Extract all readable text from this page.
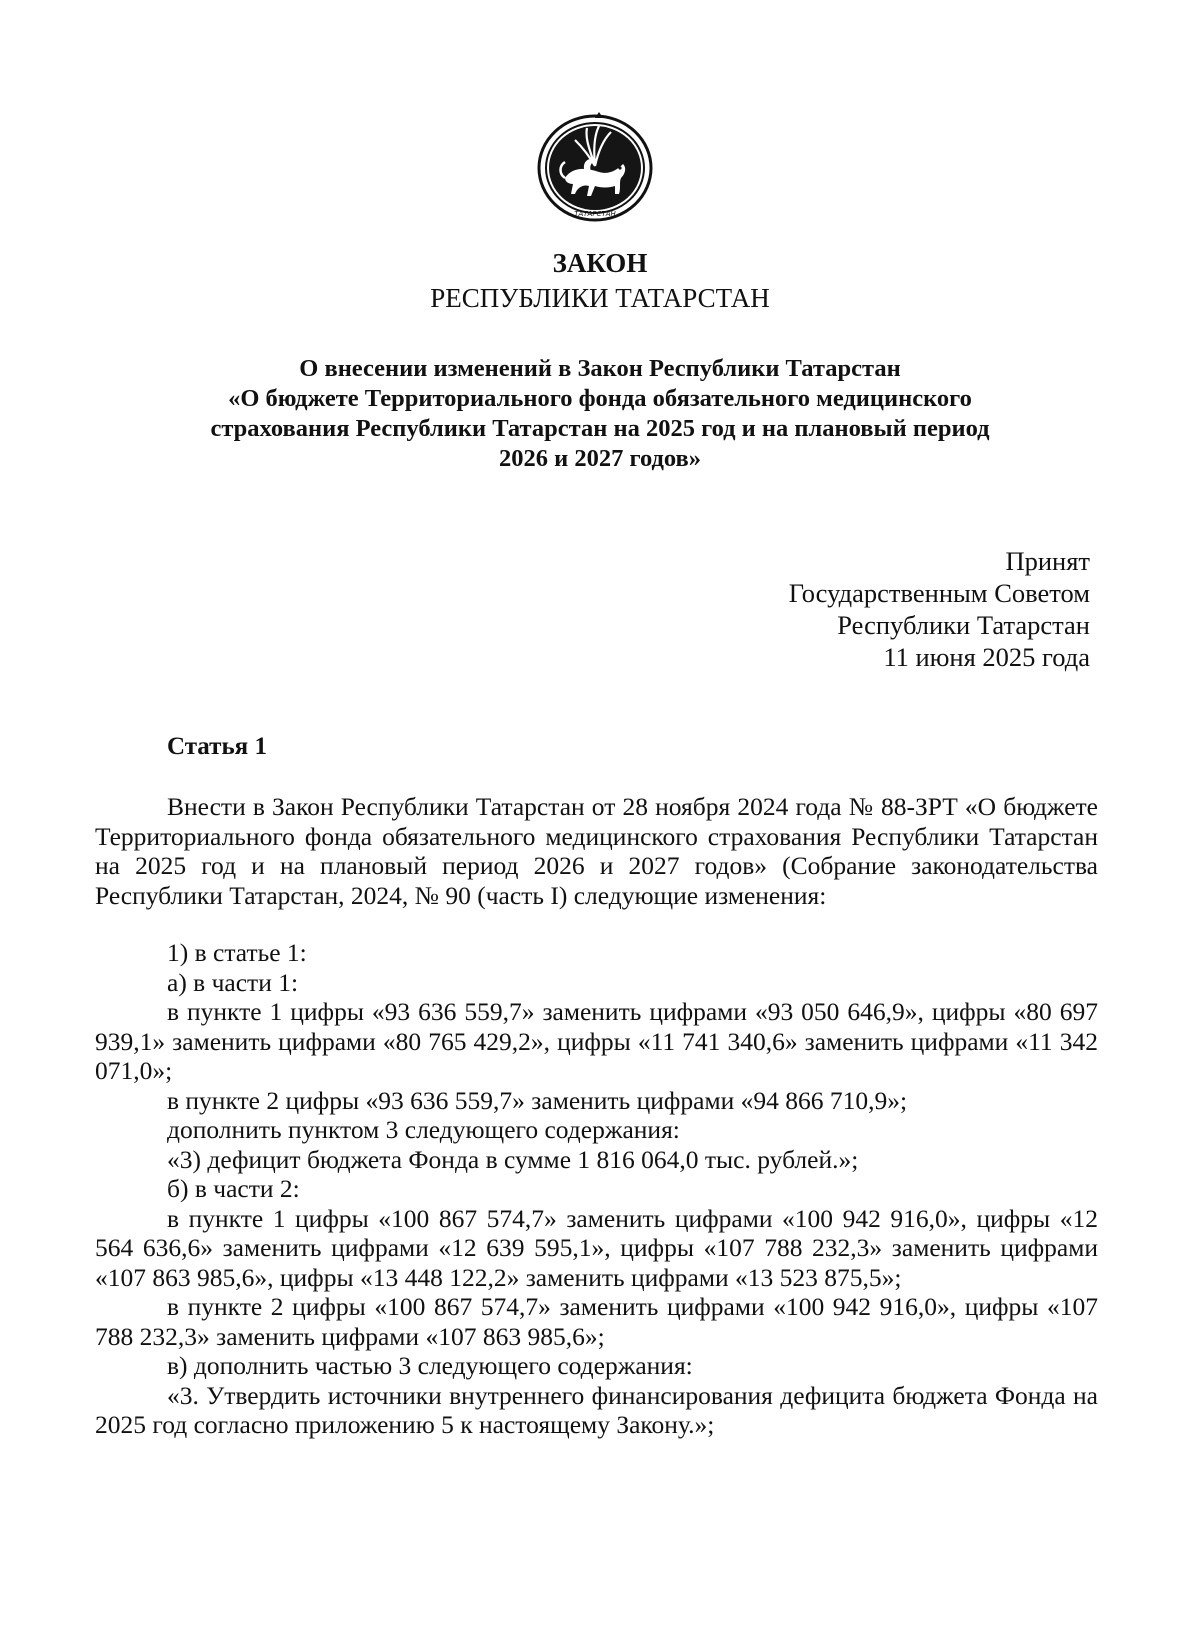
ТАТАРСТАН
ЗАКОН
РЕСПУБЛИКИ ТАТАРСТАН
О внесении изменений в Закон Республики Татарстан
«О бюджете Территориального фонда обязательного медицинского
страхования Республики Татарстан на 2025 год и на плановый период
2026 и 2027 годов»
Принят
Государственным Советом
Республики Татарстан
11 июня 2025 года
Статья 1

Внести в Закон Республики Татарстан от 28 ноября 2024 года № 88-ЗРТ «О бюджете Территориального фонда обязательного медицинского страхования Республики Татарстан на 2025 год и на плановый период 2026 и 2027 годов» (Собрание законодательства Республики Татарстан, 2024, № 90 (часть I) следующие изменения:

1) в статье 1:

а) в части 1:

в пункте 1 цифры «93 636 559,7» заменить цифрами «93 050 646,9», цифры «80 697 939,1» заменить цифрами «80 765 429,2», цифры «11 741 340,6» заменить цифрами «11 342 071,0»;

в пункте 2 цифры «93 636 559,7» заменить цифрами «94 866 710,9»;

дополнить пунктом 3 следующего содержания:

«3) дефицит бюджета Фонда в сумме 1 816 064,0 тыс. рублей.»;

б) в части 2:

в пункте 1 цифры «100 867 574,7» заменить цифрами «100 942 916,0», цифры «12 564 636,6» заменить цифрами «12 639 595,1», цифры «107 788 232,3» заменить цифрами «107 863 985,6», цифры «13 448 122,2» заменить цифрами «13 523 875,5»;

в пункте 2 цифры «100 867 574,7» заменить цифрами «100 942 916,0», цифры «107 788 232,3» заменить цифрами «107 863 985,6»;

в) дополнить частью 3 следующего содержания:

«3. Утвердить источники внутреннего финансирования дефицита бюджета Фонда на 2025 год согласно приложению 5 к настоящему Закону.»;
